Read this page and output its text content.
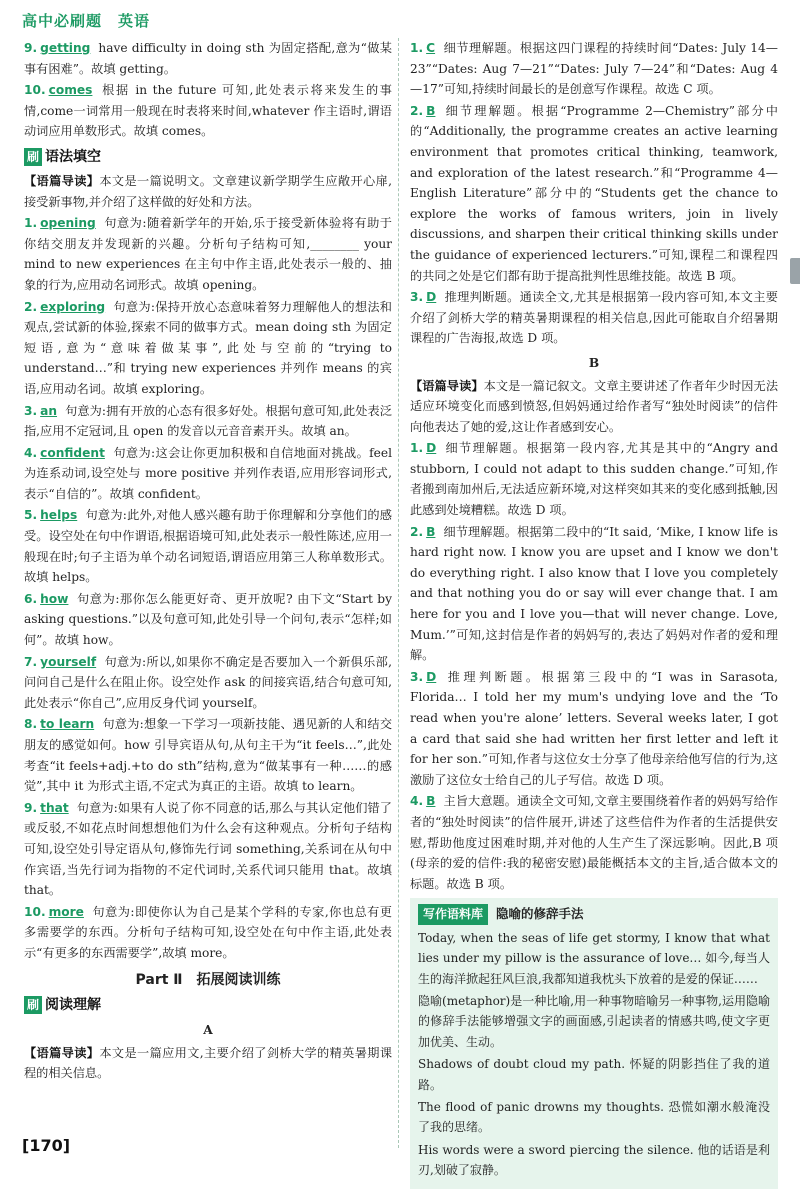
高中必刷题　英语
9. getting have difficulty in doing sth 为固定搭配,意为“做某事有困难”。故填 getting。
10. comes 根据 in the future 可知,此处表示将来发生的事情,come一词常用一般现在时表将来时间,whatever 作主语时,谓语动词应用单数形式。故填 comes。
刷 语法填空
【语篇导读】本文是一篇说明文。文章建议新学期学生应敞开心扉,接受新事物,并介绍了这样做的好处和方法。
1. opening 句意为:随着新学年的开始,乐于接受新体验将有助于你结交朋友并发现新的兴趣。分析句子结构可知,________ your mind to new experiences 在主句中作主语,此处表示一般的、抽象的行为,应用动名词形式。故填 opening。
2. exploring 句意为:保持开放心态意味着努力理解他人的想法和观点,尝试新的体验,探索不同的做事方式。mean doing sth 为固定短语,意为“意味着做某事”,此处与空前的“trying to understand…”和 trying new experiences 并列作 means 的宾语,应用动名词。故填 exploring。
3. an 句意为:拥有开放的心态有很多好处。根据句意可知,此处表泛指,应用不定冠词,且 open 的发音以元音音素开头。故填 an。
4. confident 句意为:这会让你更加积极和自信地面对挑战。feel 为连系动词,设空处与 more positive 并列作表语,应用形容词形式,表示“自信的”。故填 confident。
5. helps 句意为:此外,对他人感兴趣有助于你理解和分享他们的感受。设空处在句中作谓语,根据语境可知,此处表示一般性陈述,应用一般现在时;句子主语为单个动名词短语,谓语应用第三人称单数形式。故填 helps。
6. how 句意为:那你怎么能更好奇、更开放呢? 由下文“Start by asking questions.”以及句意可知,此处引导一个问句,表示“怎样;如何”。故填 how。
7. yourself 句意为:所以,如果你不确定是否要加入一个新俱乐部,问问自己是什么在阻止你。设空处作 ask 的间接宾语,结合句意可知,此处表示“你自己”,应用反身代词 yourself。
8. to learn 句意为:想象一下学习一项新技能、遇见新的人和结交朋友的感觉如何。how 引导宾语从句,从句主干为“it feels…”,此处考查“it feels+adj.+to do sth”结构,意为“做某事有一种……的感觉”,其中 it 为形式主语,不定式为真正的主语。故填 to learn。
9. that 句意为:如果有人说了你不同意的话,那么与其认定他们错了或反驳,不如花点时间想想他们为什么会有这种观点。分析句子结构可知,设空处引导定语从句,修饰先行词 something,关系词在从句中作宾语,当先行词为指物的不定代词时,关系代词只能用 that。故填 that。
10. more 句意为:即使你认为自己是某个学科的专家,你也总有更多需要学的东西。分析句子结构可知,设空处在句中作主语,此处表示“有更多的东西需要学”,故填 more。
Part Ⅱ　拓展阅读训练
刷 阅读理解
A
【语篇导读】本文是一篇应用文,主要介绍了剑桥大学的精英暑期课程的相关信息。
1. C 细节理解题。根据这四门课程的持续时间“Dates: July 14—23”“Dates: Aug 7—21”“Dates: July 7—24”和“Dates: Aug 4—17”可知,持续时间最长的是创意写作课程。故选 C 项。
2. B 细节理解题。根据“Programme 2—Chemistry”部分中的“Additionally, the programme creates an active learning environment that promotes critical thinking, teamwork, and exploration of the latest research.”和“Programme 4—English Literature”部分中的“Students get the chance to explore the works of famous writers, join in lively discussions, and sharpen their critical thinking skills under the guidance of experienced lecturers.”可知,课程二和课程四的共同之处是它们都有助于提高批判性思维技能。故选 B 项。
3. D 推理判断题。通读全文,尤其是根据第一段内容可知,本文主要介绍了剑桥大学的精英暑期课程的相关信息,因此可能取自介绍暑期课程的广告海报,故选 D 项。
B
【语篇导读】本文是一篇记叙文。文章主要讲述了作者年少时因无法适应环境变化而感到愤怒,但妈妈通过给作者写“独处时阅读”的信件向他表达了她的爱,这让作者感到安心。
1. D 细节理解题。根据第一段内容,尤其是其中的“Angry and stubborn, I could not adapt to this sudden change.”可知,作者搬到南加州后,无法适应新环境,对这样突如其来的变化感到抵触,因此感到处境糟糕。故选 D 项。
2. B 细节理解题。根据第二段中的“It said, ‘Mike, I know life is hard right now. I know you are upset and I know we don't do everything right. I also know that I love you completely and that nothing you do or say will ever change that. I am here for you and I love you—that will never change. Love, Mum.’”可知,这封信是作者的妈妈写的,表达了妈妈对作者的爱和理解。
3. D 推理判断题。根据第三段中的“I was in Sarasota, Florida… I told her my mum's undying love and the ‘To read when you're alone’ letters. Several weeks later, I got a card that said she had written her first letter and left it for her son.”可知,作者与这位女士分享了他母亲给他写信的行为,这激励了这位女士给自己的儿子写信。故选 D 项。
4. B 主旨大意题。通读全文可知,文章主要围绕着作者的妈妈写给作者的“独处时阅读”的信件展开,讲述了这些信件为作者的生活提供安慰,帮助他度过困难时期,并对他的人生产生了深远影响。因此,B 项(母亲的爱的信件:我的秘密安慰)最能概括本文的主旨,适合做本文的标题。故选 B 项。
写作语料库	隐喻的修辞手法

Today, when the seas of life get stormy, I know that what lies under my pillow is the assurance of love… 如今,每当人生的海洋掀起狂风巨浪,我都知道我枕头下放着的是爱的保证……

隐喻(metaphor)是一种比喻,用一种事物暗喻另一种事物,运用隐喻的修辞手法能够增强文字的画面感,引起读者的情感共鸣,使文字更加优美、生动。

Shadows of doubt cloud my path. 怀疑的阴影挡住了我的道路。

The flood of panic drowns my thoughts. 恐慌如潮水般淹没了我的思绪。

His words were a sword piercing the silence. 他的话语是利刃,划破了寂静。

[170]
